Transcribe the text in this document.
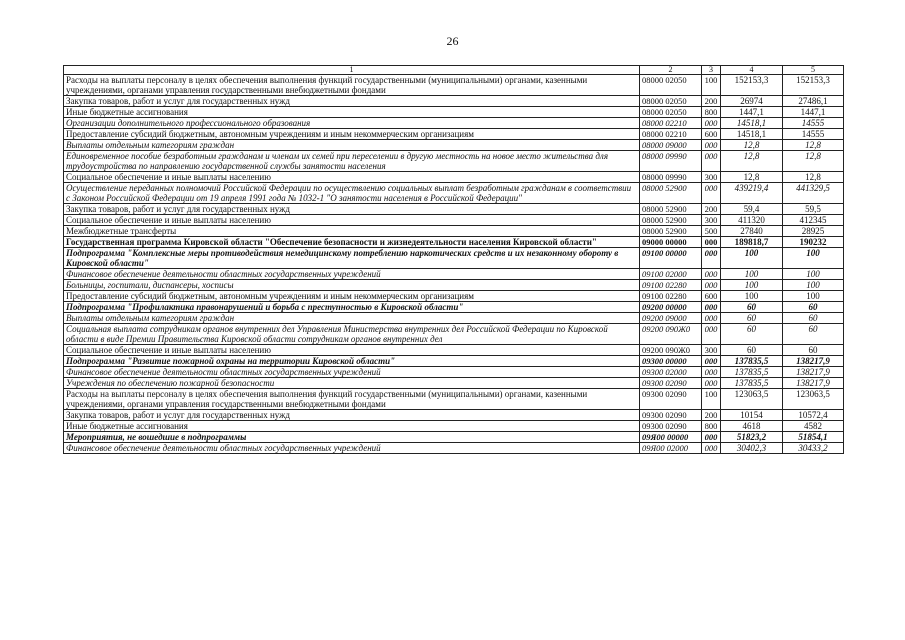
26
1	2	3	4	5
Расходы на выплаты персоналу в целях обеспечения выполнения функций государственными (муниципальными) органами, казенными учреждениями, органами управления государственными внебюджетными фондами	08000 02050	100	152153,3	152153,3
Закупка товаров, работ и услуг для государственных нужд	08000 02050	200	26974	27486,1
Иные бюджетные ассигнования	08000 02050	800	1447,1	1447,1
Организации дополнительного профессионального образования	08000 02210	000	14518,1	14555
Предоставление субсидий бюджетным, автономным учреждениям и иным некоммерческим организациям	08000 02210	600	14518,1	14555
Выплаты отдельным категориям граждан	08000 09000	000	12,8	12,8
Единовременное пособие безработным гражданам и членам их семей при переселении в другую местность на новое место жительства для трудоустройства по направлению государственной службы занятости населения	08000 09990	000	12,8	12,8
Социальное обеспечение и иные выплаты населению	08000 09990	300	12,8	12,8
Осуществление переданных полномочий Российской Федерации по осуществлению социальных выплат безработным гражданам в соответствии с Законом Российской Федерации от 19 апреля 1991 года № 1032-1 "О занятости населения в Российской Федерации"	08000 52900	000	439219,4	441329,5
Закупка товаров, работ и услуг для государственных нужд	08000 52900	200	59,4	59,5
Социальное обеспечение и иные выплаты населению	08000 52900	300	411320	412345
Межбюджетные трансферты	08000 52900	500	27840	28925
Государственная программа Кировской области "Обеспечение безопасности и жизнедеятельности населения Кировской области"	09000 00000	000	189818,7	190232
Подпрограмма "Комплексные меры противодействия немедицинскому потреблению наркотических средств и их незаконному обороту в Кировской области"	09100 00000	000	100	100
Финансовое обеспечение деятельности областных государственных учреждений	09100 02000	000	100	100
Больницы, госпитали, диспансеры, хосписы	09100 02280	000	100	100
Предоставление субсидий бюджетным, автономным учреждениям и иным некоммерческим организациям	09100 02280	600	100	100
Подпрограмма "Профилактика правонарушений и борьба с преступностью в Кировской области"	09200 00000	000	60	60
Выплаты отдельным категориям граждан	09200 09000	000	60	60
Социальная выплата сотрудникам органов внутренних дел Управления Министерства внутренних дел Российской Федерации по Кировской области в виде Премии Правительства Кировской области сотрудникам органов внутренних дел	09200 090Ж0	000	60	60
Социальное обеспечение и иные выплаты населению	09200 090Ж0	300	60	60
Подпрограмма "Развитие пожарной охраны на территории Кировской области"	09300 00000	000	137835,5	138217,9
Финансовое обеспечение деятельности областных государственных учреждений	09300 02000	000	137835,5	138217,9
Учреждения по обеспечению пожарной безопасности	09300 02090	000	137835,5	138217,9
Расходы на выплаты персоналу в целях обеспечения выполнения функций государственными (муниципальными) органами, казенными учреждениями, органами управления государственными внебюджетными фондами	09300 02090	100	123063,5	123063,5
Закупка товаров, работ и услуг для государственных нужд	09300 02090	200	10154	10572,4
Иные бюджетные ассигнования	09300 02090	800	4618	4582
Мероприятия, не вошедшие в подпрограммы	09Я00 00000	000	51823,2	51854,1
Финансовое обеспечение деятельности областных государственных учреждений	09Я00 02000	000	30402,3	30433,2
